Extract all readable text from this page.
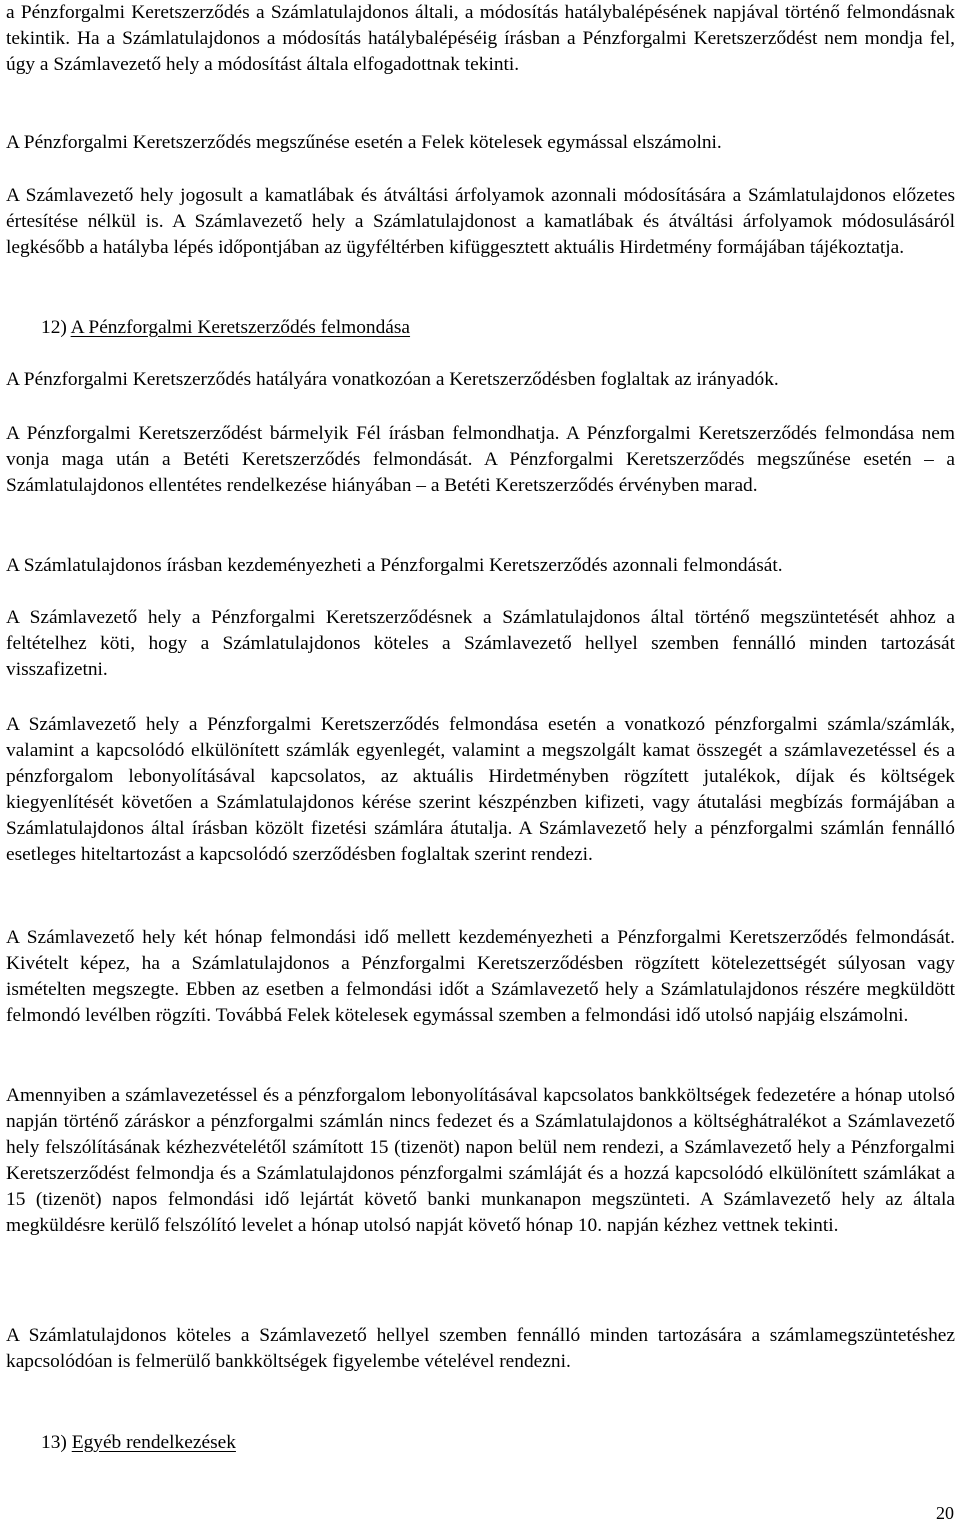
a Pénzforgalmi Keretszerződés a Számlatulajdonos általi, a módosítás hatálybalépésének napjával történő felmondásnak tekintik. Ha a Számlatulajdonos a módosítás hatálybalépéséig írásban a Pénzforgalmi Keretszerződést nem mondja fel, úgy a Számlavezető hely a módosítást általa elfogadottnak tekinti.

A Pénzforgalmi Keretszerződés megszűnése esetén a Felek kötelesek egymással elszámolni.

A Számlavezető hely jogosult a kamatlábak és átváltási árfolyamok azonnali módosítására a Számlatulajdonos előzetes értesítése nélkül is. A Számlavezető hely a Számlatulajdonost a kamatlábak és átváltási árfolyamok módosulásáról legkésőbb a hatályba lépés időpontjában az ügyféltérben kifüggesztett aktuális Hirdetmény formájában tájékoztatja.

12) A Pénzforgalmi Keretszerződés felmondása

A Pénzforgalmi Keretszerződés hatályára vonatkozóan a Keretszerződésben foglaltak az irányadók.

A Pénzforgalmi Keretszerződést bármelyik Fél írásban felmondhatja. A Pénzforgalmi Keretszerződés felmondása nem vonja maga után a Betéti Keretszerződés felmondását. A Pénzforgalmi Keretszerződés megszűnése esetén – a Számlatulajdonos ellentétes rendelkezése hiányában – a Betéti Keretszerződés érvényben marad.

A Számlatulajdonos írásban kezdeményezheti a Pénzforgalmi Keretszerződés azonnali felmondását.

A Számlavezető hely a Pénzforgalmi Keretszerződésnek a Számlatulajdonos által történő megszüntetését ahhoz a feltételhez köti, hogy a Számlatulajdonos köteles a Számlavezető hellyel szemben fennálló minden tartozását visszafizetni.

A Számlavezető hely a Pénzforgalmi Keretszerződés felmondása esetén a vonatkozó pénzforgalmi számla/számlák, valamint a kapcsolódó elkülönített számlák egyenlegét, valamint a megszolgált kamat összegét a számlavezetéssel és a pénzforgalom lebonyolításával kapcsolatos, az aktuális Hirdetményben rögzített jutalékok, díjak és költségek kiegyenlítését követően a Számlatulajdonos kérése szerint készpénzben kifizeti, vagy átutalási megbízás formájában a Számlatulajdonos által írásban közölt fizetési számlára átutalja. A Számlavezető hely a pénzforgalmi számlán fennálló esetleges hiteltartozást a kapcsolódó szerződésben foglaltak szerint rendezi.

A Számlavezető hely két hónap felmondási idő mellett kezdeményezheti a Pénzforgalmi Keretszerződés felmondását. Kivételt képez, ha a Számlatulajdonos a Pénzforgalmi Keretszerződésben rögzített kötelezettségét súlyosan vagy ismételten megszegte. Ebben az esetben a felmondási időt a Számlavezető hely a Számlatulajdonos részére megküldött felmondó levélben rögzíti. Továbbá Felek kötelesek egymással szemben a felmondási idő utolsó napjáig elszámolni.

Amennyiben a számlavezetéssel és a pénzforgalom lebonyolításával kapcsolatos bankköltségek fedezetére a hónap utolsó napján történő záráskor a pénzforgalmi számlán nincs fedezet és a Számlatulajdonos a költséghátralékot a Számlavezető hely felszólításának kézhezvételétől számított 15 (tizenöt) napon belül nem rendezi, a Számlavezető hely a Pénzforgalmi Keretszerződést felmondja és a Számlatulajdonos pénzforgalmi számláját és a hozzá kapcsolódó elkülönített számlákat a 15 (tizenöt) napos felmondási idő lejártát követő banki munkanapon megszünteti. A Számlavezető hely az általa megküldésre kerülő felszólító levelet a hónap utolsó napját követő hónap 10. napján kézhez vettnek tekinti.

A Számlatulajdonos köteles a Számlavezető hellyel szemben fennálló minden tartozására a számlamegszüntetéshez kapcsolódóan is felmerülő bankköltségek figyelembe vételével rendezni.

13) Egyéb rendelkezések
20
